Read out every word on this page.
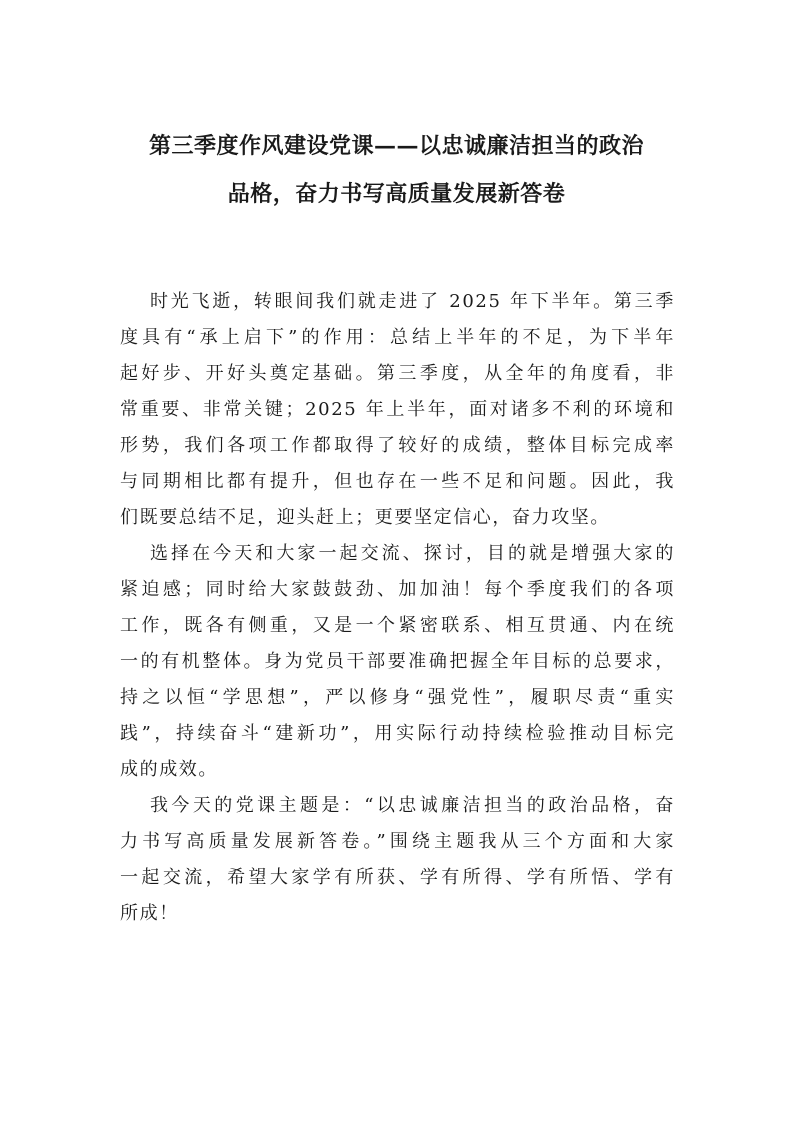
第三季度作风建设党课——以忠诚廉洁担当的政治
品格，奋力书写高质量发展新答卷
时光飞逝，转眼间我们就走进了 2025 年下半年。第三季
度具有“承上启下”的作用：总结上半年的不足，为下半年
起好步、开好头奠定基础。第三季度，从全年的角度看，非
常重要、非常关键；2025 年上半年，面对诸多不利的环境和
形势，我们各项工作都取得了较好的成绩，整体目标完成率
与同期相比都有提升，但也存在一些不足和问题。因此，我
们既要总结不足，迎头赶上；更要坚定信心，奋力攻坚。
选择在今天和大家一起交流、探讨，目的就是增强大家的
紧迫感；同时给大家鼓鼓劲、加加油！每个季度我们的各项
工作，既各有侧重，又是一个紧密联系、相互贯通、内在统
一的有机整体。身为党员干部要准确把握全年目标的总要求，
持之以恒“学思想”，严以修身“强党性”，履职尽责“重实
践”，持续奋斗“建新功”，用实际行动持续检验推动目标完
成的成效。
我今天的党课主题是：“以忠诚廉洁担当的政治品格，奋
力书写高质量发展新答卷。”围绕主题我从三个方面和大家
一起交流，希望大家学有所获、学有所得、学有所悟、学有
所成！
